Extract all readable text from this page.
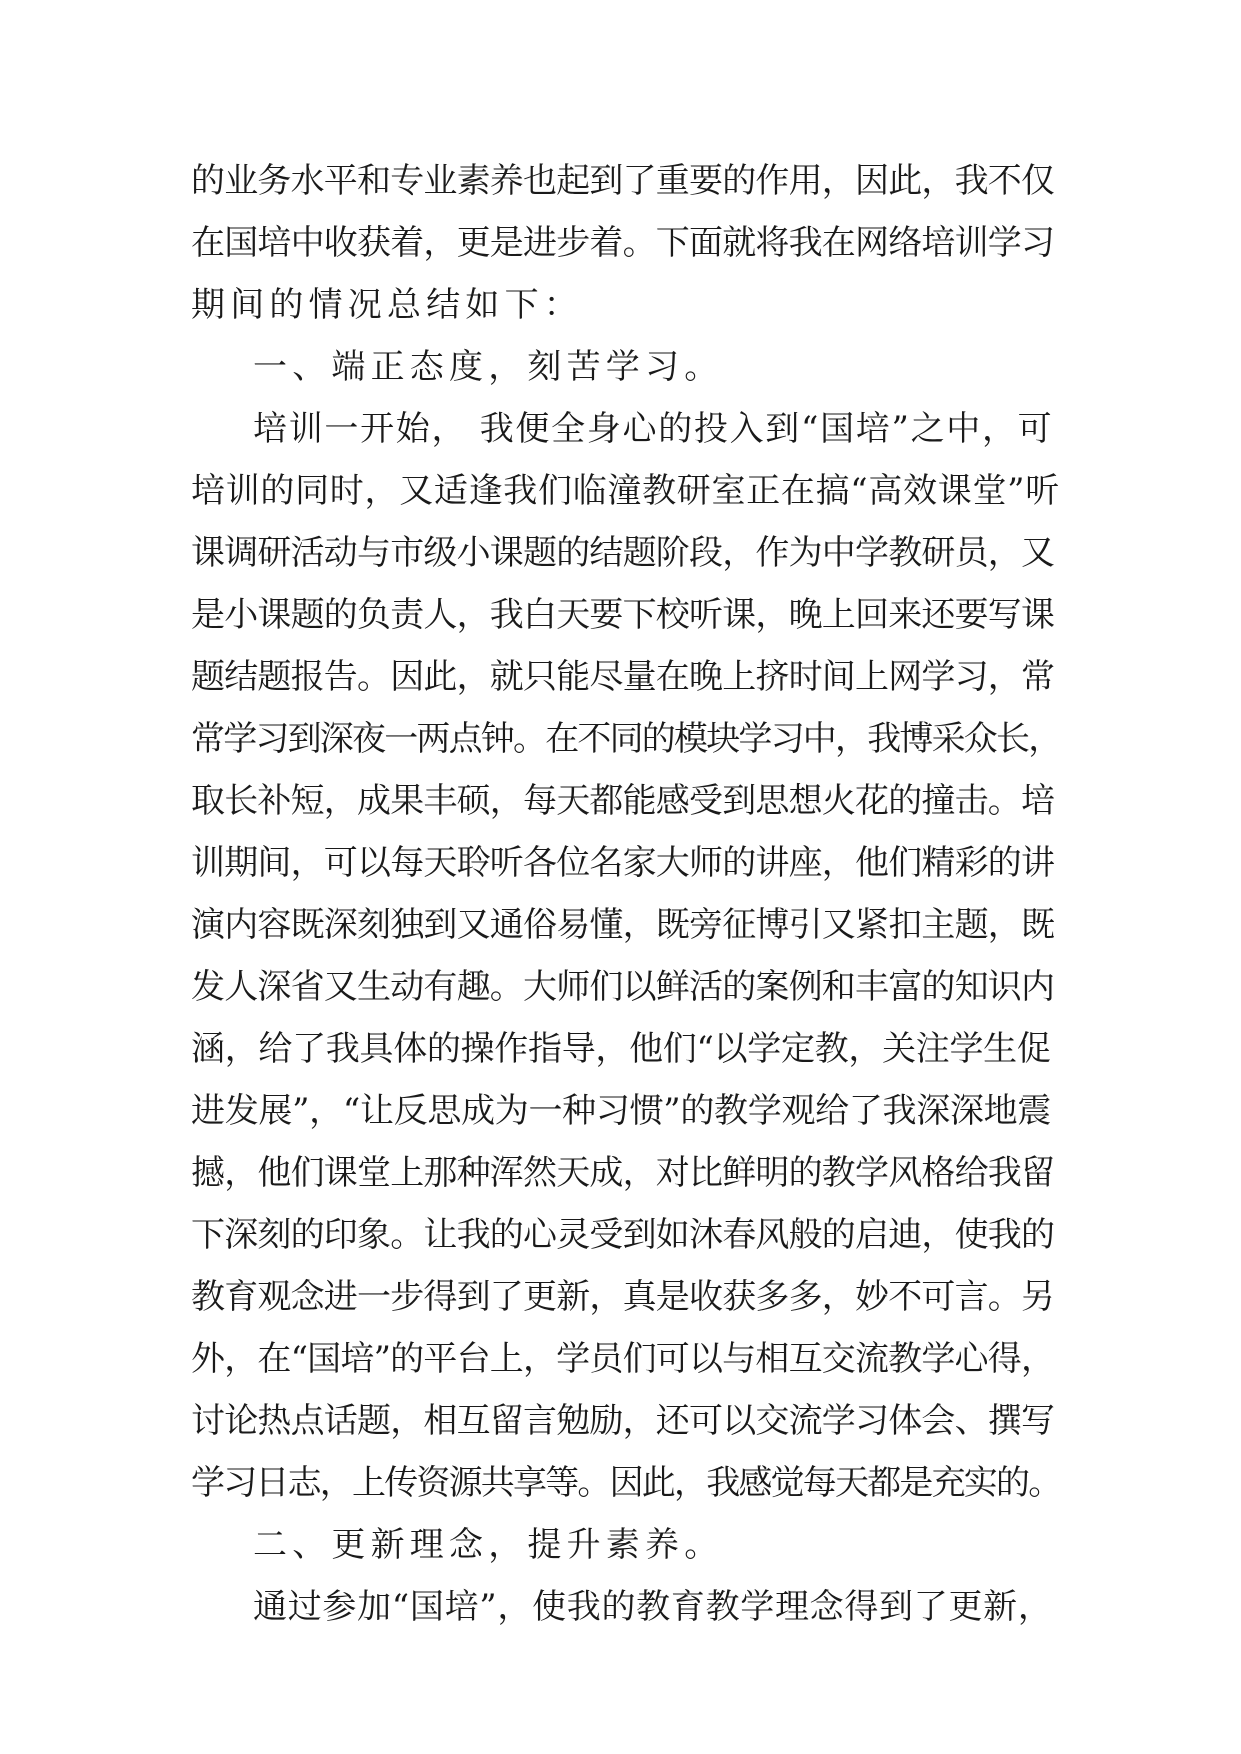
的业务水平和专业素养也起到了重要的作用，因此，我不仅
在国培中收获着，更是进步着。下面就将我在网络培训学习
期间的情况总结如下：
一、端正态度，刻苦学习。
培训一开始， 我便全身心的投入到“国培”之中，可
培训的同时，又适逢我们临潼教研室正在搞“高效课堂”听
课调研活动与市级小课题的结题阶段，作为中学教研员，又
是小课题的负责人，我白天要下校听课，晚上回来还要写课
题结题报告。因此，就只能尽量在晚上挤时间上网学习，常
常学习到深夜一两点钟。在不同的模块学习中，我博采众长，
取长补短，成果丰硕，每天都能感受到思想火花的撞击。培
训期间，可以每天聆听各位名家大师的讲座，他们精彩的讲
演内容既深刻独到又通俗易懂，既旁征博引又紧扣主题，既
发人深省又生动有趣。大师们以鲜活的案例和丰富的知识内
涵，给了我具体的操作指导，他们“以学定教，关注学生促
进发展”，“让反思成为一种习惯”的教学观给了我深深地震
撼，他们课堂上那种浑然天成，对比鲜明的教学风格给我留
下深刻的印象。让我的心灵受到如沐春风般的启迪，使我的
教育观念进一步得到了更新，真是收获多多，妙不可言。另
外，在“国培”的平台上，学员们可以与相互交流教学心得，
讨论热点话题，相互留言勉励，还可以交流学习体会、撰写
学习日志，上传资源共享等。因此，我感觉每天都是充实的。
二、更新理念，提升素养。
通过参加“国培”，使我的教育教学理念得到了更新，
